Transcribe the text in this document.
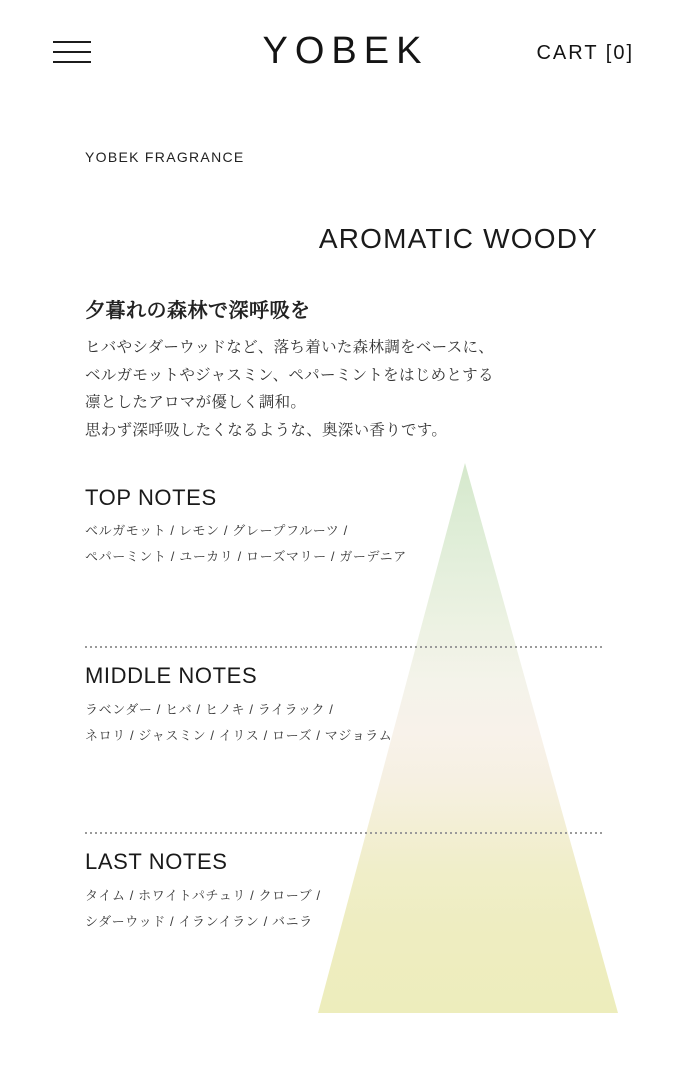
YOBEK	CART [0]
YOBEK FRAGRANCE
AROMATIC WOODY
夕暮れの森林で深呼吸を
ヒバやシダーウッドなど、落ち着いた森林調をベースに、
ベルガモットやジャスミン、ペパーミントをはじめとする
凛としたアロマが優しく調和。
思わず深呼吸したくなるような、奥深い香りです。
TOP NOTES
ベルガモット / レモン / グレープフルーツ /
ペパーミント / ユーカリ / ローズマリー / ガーデニア
MIDDLE NOTES
ラベンダー / ヒバ / ヒノキ / ライラック /
ネロリ / ジャスミン / イリス / ローズ / マジョラム
LAST NOTES
タイム / ホワイトパチュリ / クローブ /
シダーウッド / イランイラン / バニラ
